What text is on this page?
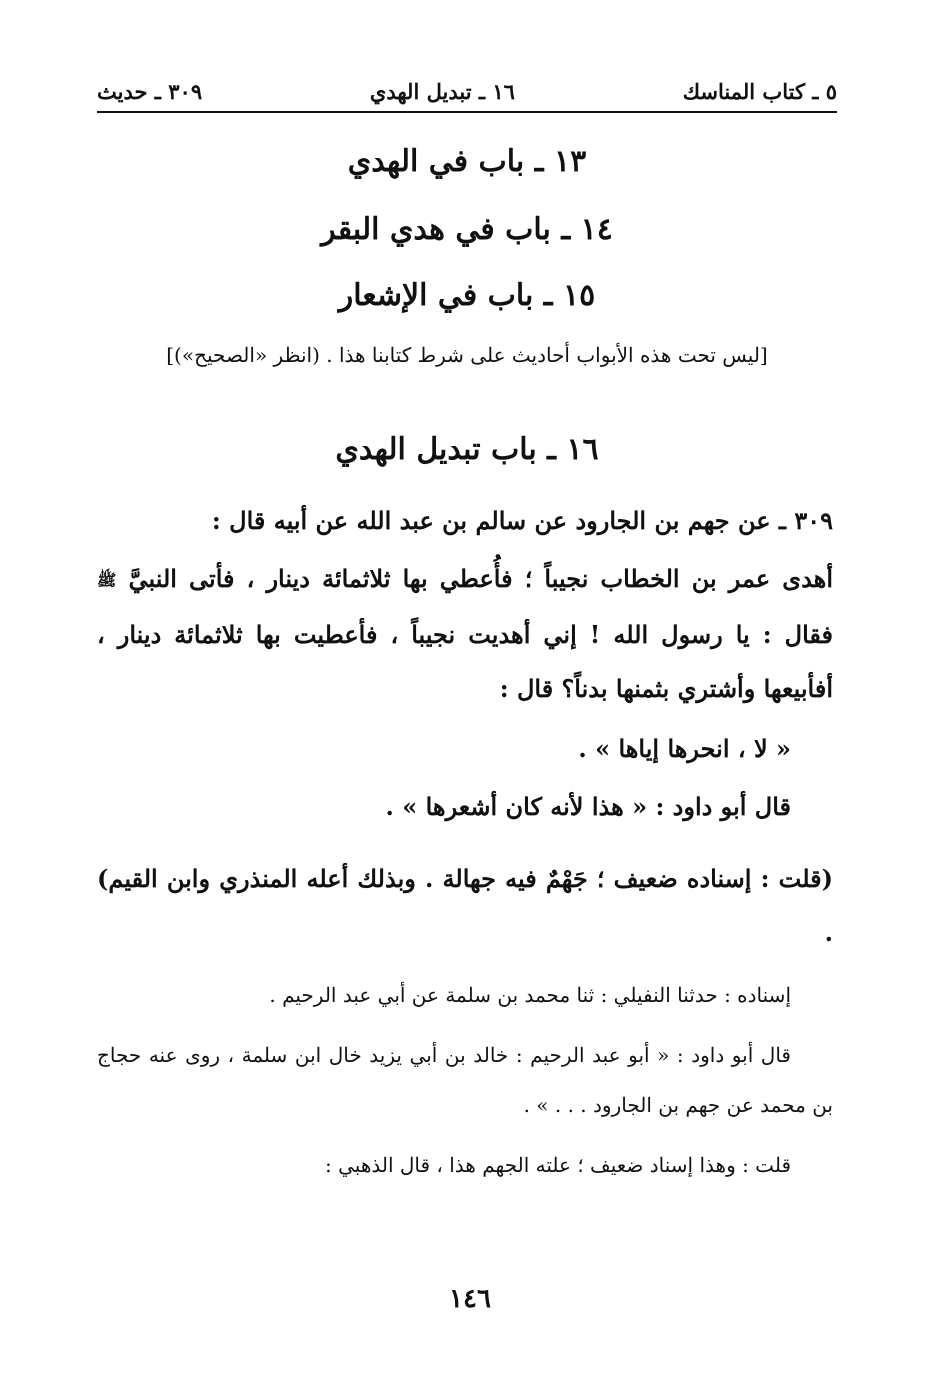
٥ ـ كتاب المناسك
١٦ ـ تبديل الهدي
٣٠٩ ـ حديث
١٣ ـ باب في الهدي
١٤ ـ باب في هدي البقر
١٥ ـ باب في الإشعار
[ليس تحت هذه الأبواب أحاديث على شرط كتابنا هذا . (انظر «الصحيح»)]
١٦ ـ باب تبديل الهدي
٣٠٩ ـ عن جهم بن الجارود عن سالم بن عبد الله عن أبيه قال :
أهدى عمر بن الخطاب نجيباً ؛ فأُعطي بها ثلاثمائة دينار ، فأتى النبيَّ ﷺ فقال : يا رسول الله ! إني أهديت نجيباً ، فأعطيت بها ثلاثمائة دينار ، أفأبيعها وأشتري بثمنها بدناً؟ قال :
« لا ، انحرها إياها » .
قال أبو داود : « هذا لأنه كان أشعرها » .
(قلت : إسناده ضعيف ؛ جَهْمٌ فيه جهالة . وبذلك أعله المنذري وابن القيم) .
إسناده : حدثنا النفيلي : ثنا محمد بن سلمة عن أبي عبد الرحيم .
قال أبو داود : « أبو عبد الرحيم : خالد بن أبي يزيد خال ابن سلمة ، روى عنه حجاج بن محمد عن جهم بن الجارود . . . » .
قلت : وهذا إسناد ضعيف ؛ علته الجهم هذا ، قال الذهبي :
١٤٦
